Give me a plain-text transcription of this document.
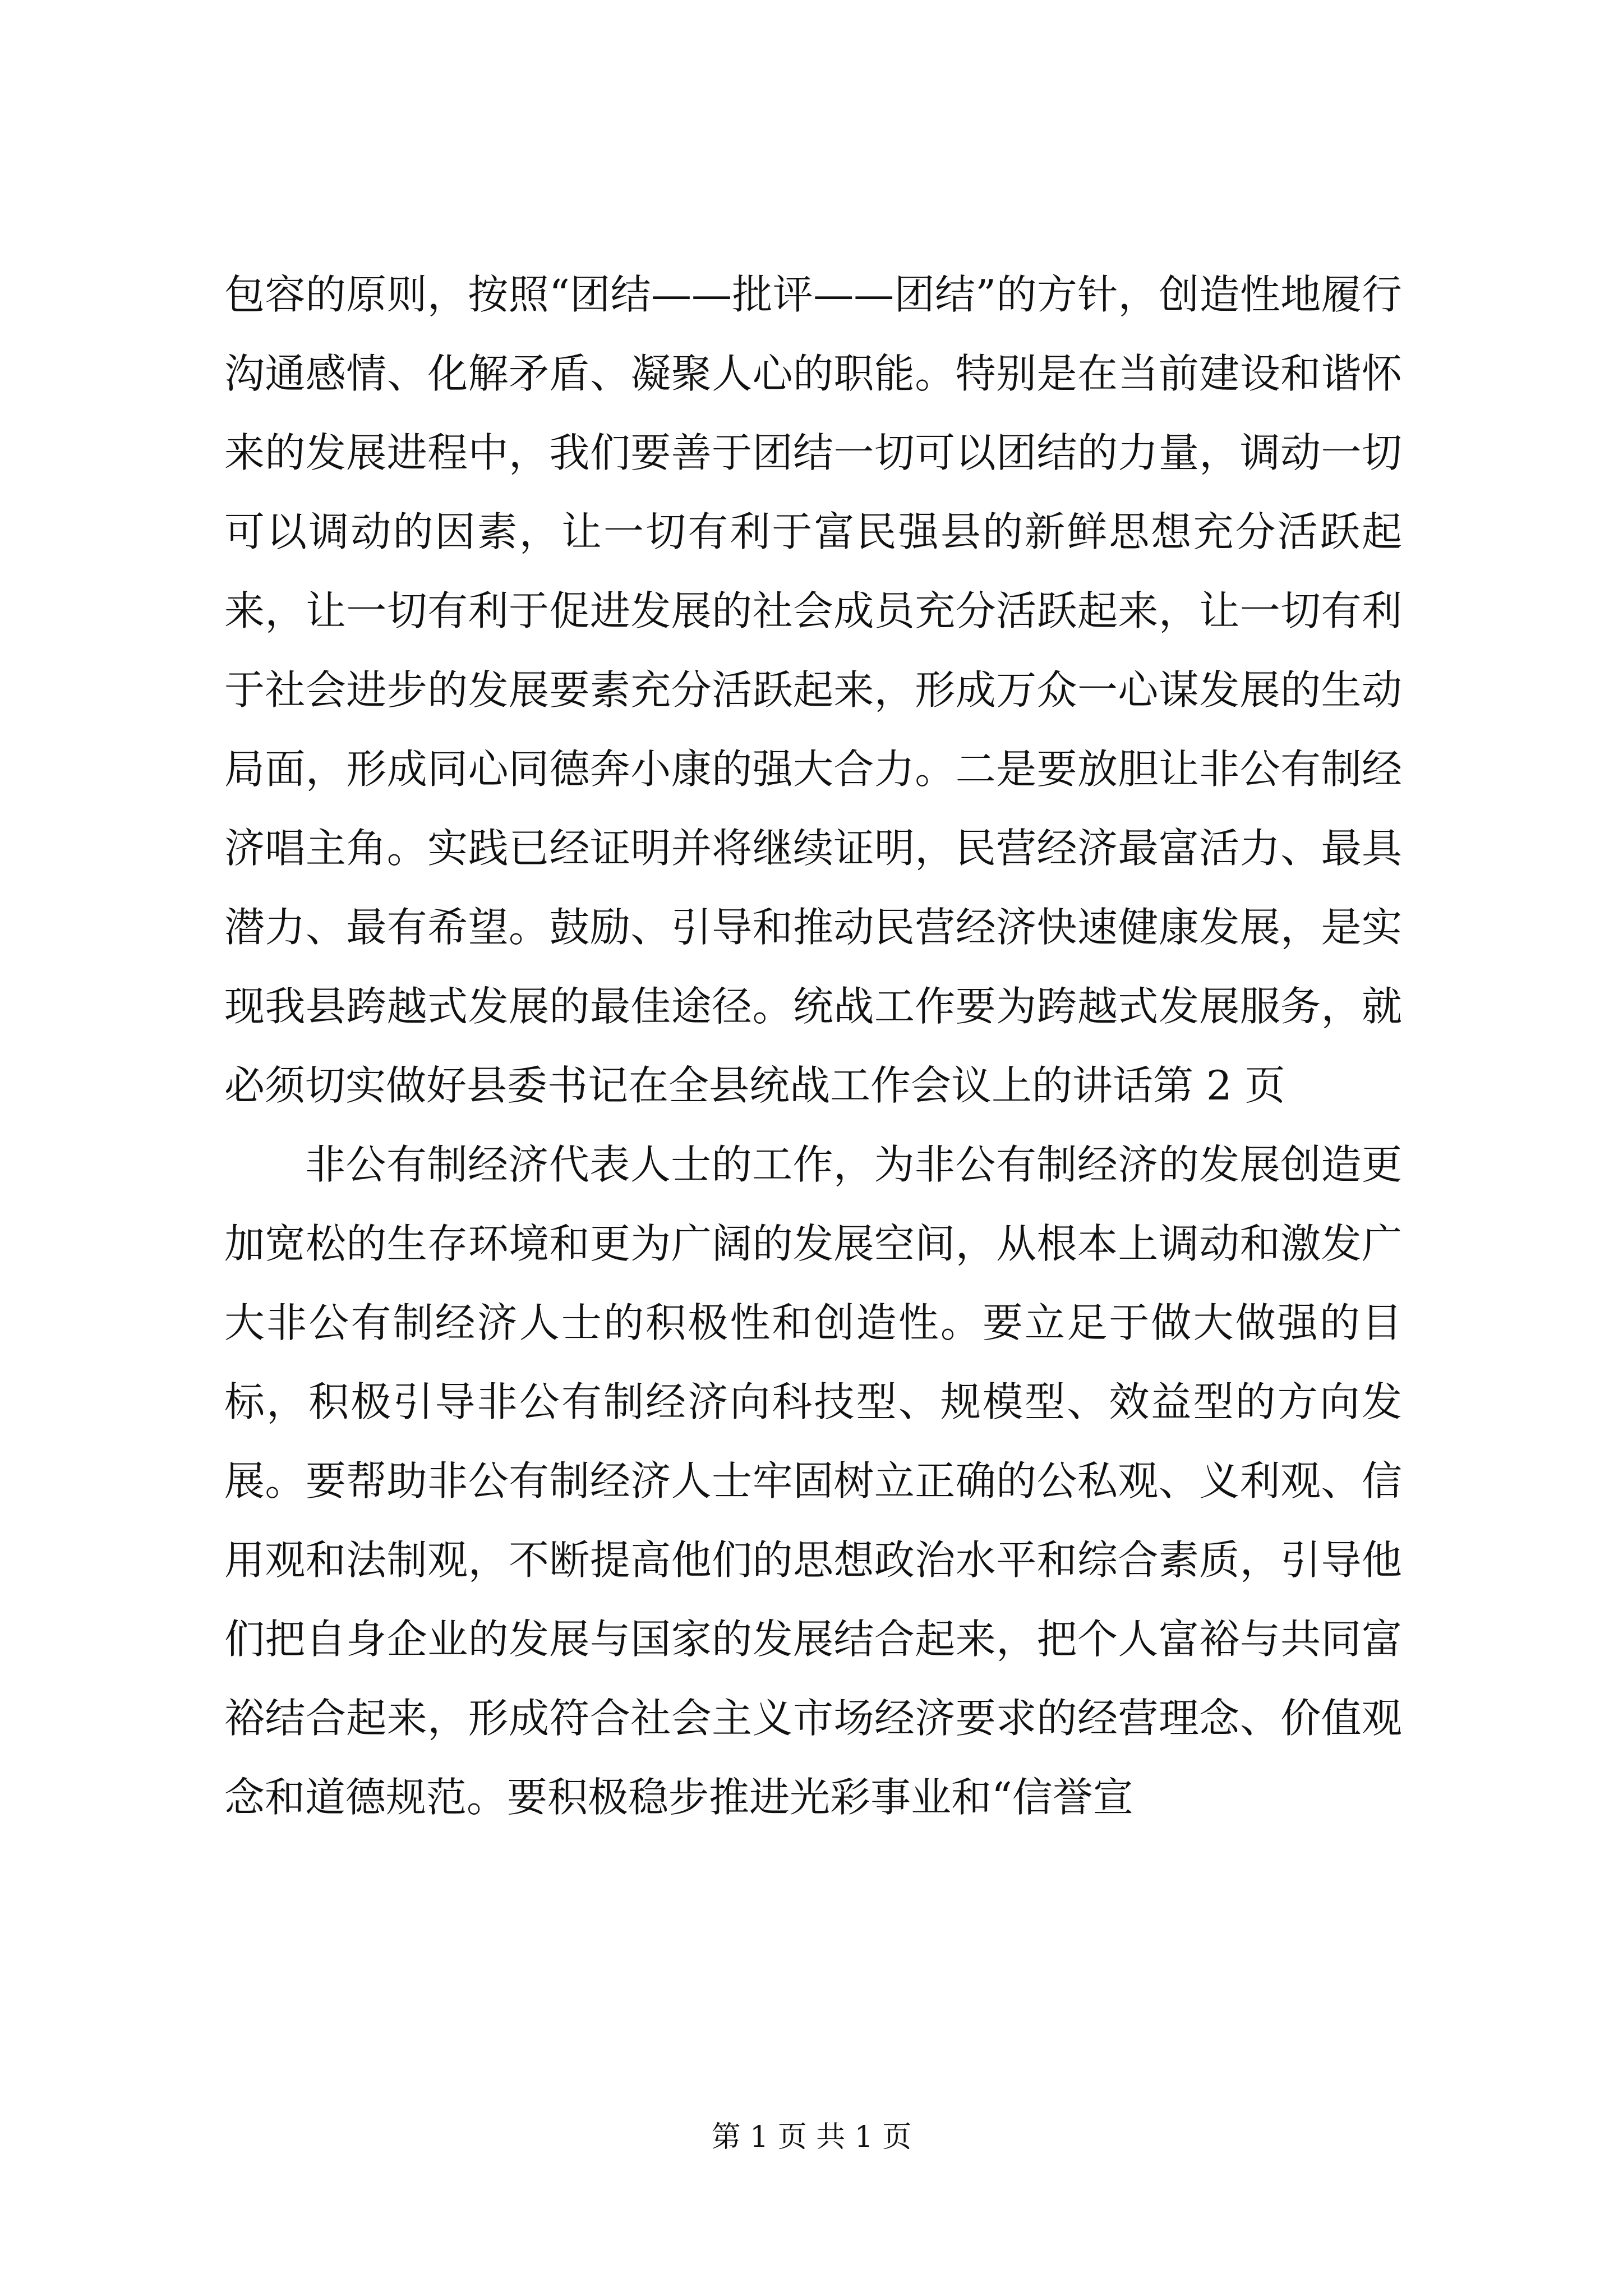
包容的原则，按照“团结——批评——团结”的方针，创造性地履行沟通感情、化解矛盾、凝聚人心的职能。特别是在当前建设和谐怀来的发展进程中，我们要善于团结一切可以团结的力量，调动一切可以调动的因素，让一切有利于富民强县的新鲜思想充分活跃起来，让一切有利于促进发展的社会成员充分活跃起来，让一切有利于社会进步的发展要素充分活跃起来，形成万众一心谋发展的生动局面，形成同心同德奔小康的强大合力。二是要放胆让非公有制经济唱主角。实践已经证明并将继续证明，民营经济最富活力、最具潜力、最有希望。鼓励、引导和推动民营经济快速健康发展，是实现我县跨越式发展的最佳途径。统战工作要为跨越式发展服务，就必须切实做好县委书记在全县统战工作会议上的讲话第 2 页

非公有制经济代表人士的工作，为非公有制经济的发展创造更加宽松的生存环境和更为广阔的发展空间，从根本上调动和激发广大非公有制经济人士的积极性和创造性。要立足于做大做强的目标，积极引导非公有制经济向科技型、规模型、效益型的方向发展。要帮助非公有制经济人士牢固树立正确的公私观、义利观、信用观和法制观，不断提高他们的思想政治水平和综合素质，引导他们把自身企业的发展与国家的发展结合起来，把个人富裕与共同富裕结合起来，形成符合社会主义市场经济要求的经营理念、价值观念和道德规范。要积极稳步推进光彩事业和“信誉宣

第 1 页 共 1 页
